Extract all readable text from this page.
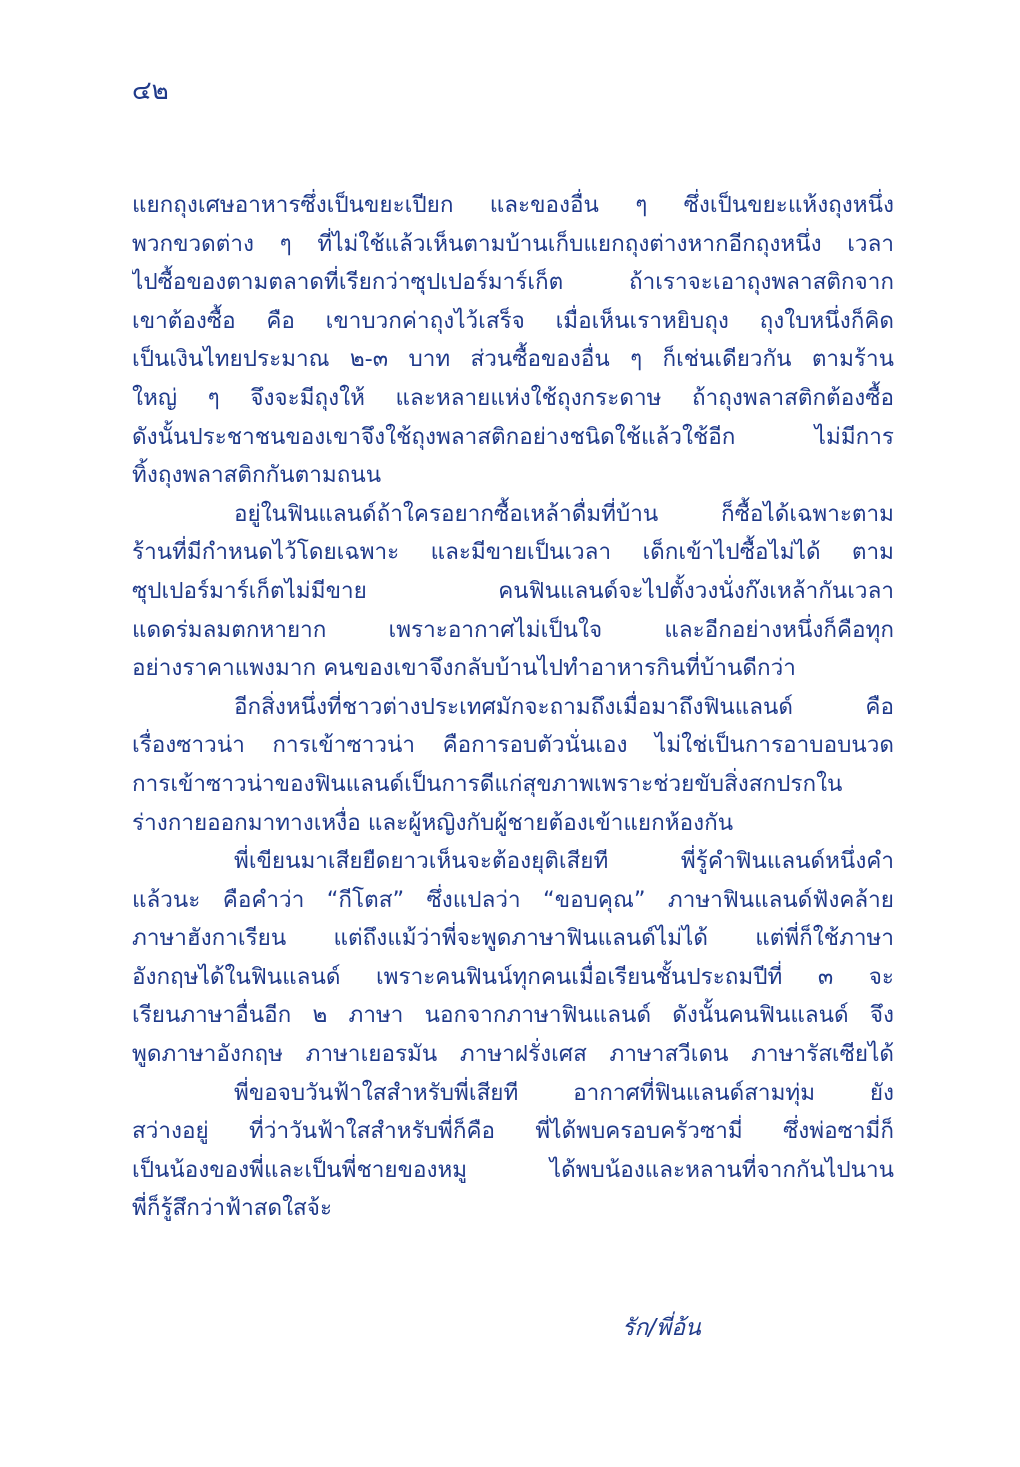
๔๒
แยกถุงเศษอาหารซึ่งเป็นขยะเปียก และของอื่น ๆ ซึ่งเป็นขยะแห้งถุงหนึ่ง
พวกขวดต่าง ๆ ที่ไม่ใช้แล้วเห็นตามบ้านเก็บแยกถุงต่างหากอีกถุงหนึ่ง เวลา
ไปซื้อของตามตลาดที่เรียกว่าซุปเปอร์มาร์เก็ต ถ้าเราจะเอาถุงพลาสติกจาก
เขาต้องซื้อ คือ เขาบวกค่าถุงไว้เสร็จ เมื่อเห็นเราหยิบถุง ถุงใบหนึ่งก็คิด
เป็นเงินไทยประมาณ ๒-๓ บาท ส่วนซื้อของอื่น ๆ ก็เช่นเดียวกัน ตามร้าน
ใหญ่ ๆ จึงจะมีถุงให้ และหลายแห่งใช้ถุงกระดาษ ถ้าถุงพลาสติกต้องซื้อ
ดังนั้นประชาชนของเขาจึงใช้ถุงพลาสติกอย่างชนิดใช้แล้วใช้อีก ไม่มีการ
ทิ้งถุงพลาสติกกันตามถนน
อยู่ในฟินแลนด์ถ้าใครอยากซื้อเหล้าดื่มที่บ้าน ก็ซื้อได้เฉพาะตาม
ร้านที่มีกำหนดไว้โดยเฉพาะ และมีขายเป็นเวลา เด็กเข้าไปซื้อไม่ได้ ตาม
ซุปเปอร์มาร์เก็ตไม่มีขาย คนฟินแลนด์จะไปตั้งวงนั่งก๊งเหล้ากันเวลา
แดดร่มลมตกหายาก เพราะอากาศไม่เป็นใจ และอีกอย่างหนึ่งก็คือทุก
อย่างราคาแพงมาก คนของเขาจึงกลับบ้านไปทำอาหารกินที่บ้านดีกว่า
อีกสิ่งหนึ่งที่ชาวต่างประเทศมักจะถามถึงเมื่อมาถึงฟินแลนด์ คือ
เรื่องซาวน่า การเข้าซาวน่า คือการอบตัวนั่นเอง ไม่ใช่เป็นการอาบอบนวด
การเข้าซาวน่าของฟินแลนด์เป็นการดีแก่สุขภาพเพราะช่วยขับสิ่งสกปรกใน
ร่างกายออกมาทางเหงื่อ และผู้หญิงกับผู้ชายต้องเข้าแยกห้องกัน
พี่เขียนมาเสียยืดยาวเห็นจะต้องยุติเสียที พี่รู้คำฟินแลนด์หนึ่งคำ
แล้วนะ คือคำว่า “กีโตส” ซึ่งแปลว่า “ขอบคุณ” ภาษาฟินแลนด์ฟังคล้าย
ภาษาฮังกาเรียน แต่ถึงแม้ว่าพี่จะพูดภาษาฟินแลนด์ไม่ได้ แต่พี่ก็ใช้ภาษา
อังกฤษได้ในฟินแลนด์ เพราะคนฟินน์ทุกคนเมื่อเรียนชั้นประถมปีที่ ๓ จะ
เรียนภาษาอื่นอีก ๒ ภาษา นอกจากภาษาฟินแลนด์ ดังนั้นคนฟินแลนด์ จึง
พูดภาษาอังกฤษ ภาษาเยอรมัน ภาษาฝรั่งเศส ภาษาสวีเดน ภาษารัสเซียได้
พี่ขอจบวันฟ้าใสสำหรับพี่เสียที อากาศที่ฟินแลนด์สามทุ่ม ยัง
สว่างอยู่ ที่ว่าวันฟ้าใสสำหรับพี่ก็คือ พี่ได้พบครอบครัวซามี่ ซึ่งพ่อซามี่ก็
เป็นน้องของพี่และเป็นพี่ชายของหมู ได้พบน้องและหลานที่จากกันไปนาน
พี่ก็รู้สึกว่าฟ้าสดใสจ้ะ
รัก/พี่อ้น
